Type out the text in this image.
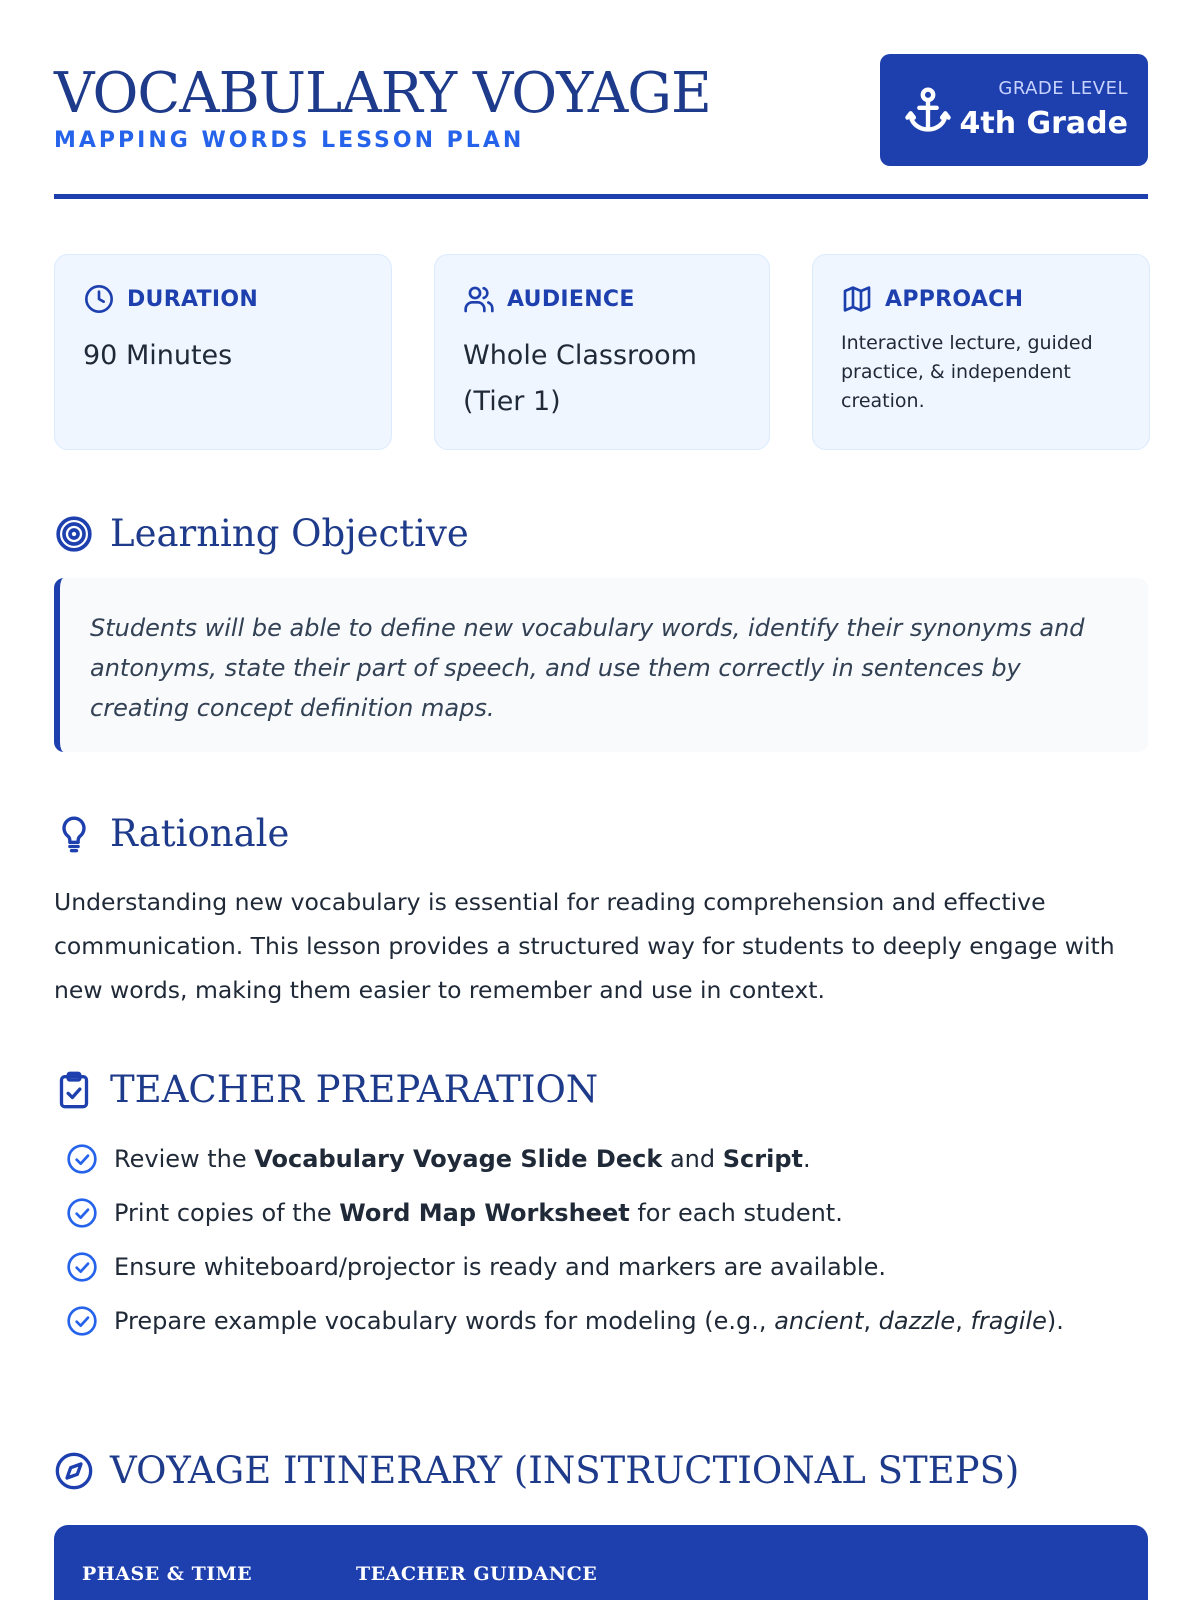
VOCABULARY VOYAGE
MAPPING WORDS LESSON PLAN
GRADE LEVEL
4th Grade
DURATION
90 Minutes
AUDIENCE
Whole Classroom
(Tier 1)
APPROACH
Interactive lecture, guided practice, & independent creation.
Learning Objective
Students will be able to define new vocabulary words, identify their synonyms and antonyms, state their part of speech, and use them correctly in sentences by creating concept definition maps.
Rationale
Understanding new vocabulary is essential for reading comprehension and effective communication. This lesson provides a structured way for students to deeply engage with new words, making them easier to remember and use in context.
TEACHER PREPARATION
Review the Vocabulary Voyage Slide Deck and Script.
Print copies of the Word Map Worksheet for each student.
Ensure whiteboard/projector is ready and markers are available.
Prepare example vocabulary words for modeling (e.g., ancient, dazzle, fragile).
VOYAGE ITINERARY (INSTRUCTIONAL STEPS)
PHASE & TIME	TEACHER GUIDANCE
